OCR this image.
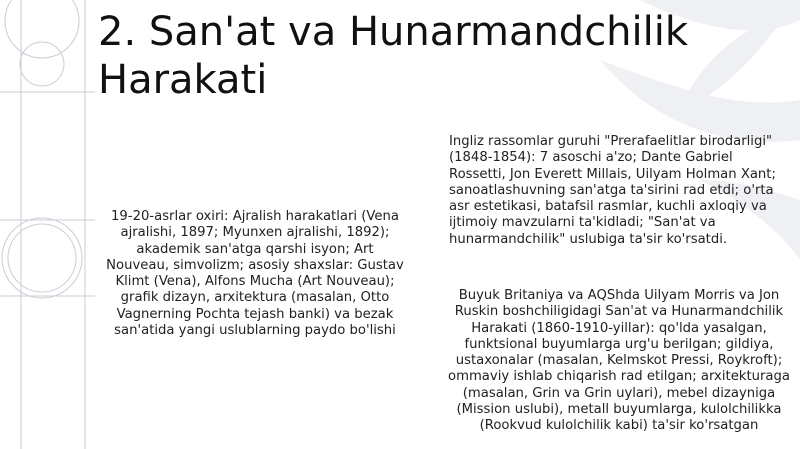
2. San'at va Hunarmandchilik Harakati
19-20-asrlar oxiri: Ajralish harakatlari (Vena ajralishi, 1897; Myunxen ajralishi, 1892); akademik san'atga qarshi isyon; Art Nouveau, simvolizm; asosiy shaxslar: Gustav Klimt (Vena), Alfons Mucha (Art Nouveau); grafik dizayn, arxitektura (masalan, Otto Vagnerning Pochta tejash banki) va bezak san'atida yangi uslublarning paydo bo'lishi
Ingliz rassomlar guruhi "Prerafaelitlar birodarligi" (1848-1854): 7 asoschi a'zo; Dante Gabriel Rossetti, Jon Everett Millais, Uilyam Holman Xant; sanoatlashuvning san'atga ta'sirini rad etdi; o'rta asr estetikasi, batafsil rasmlar, kuchli axloqiy va ijtimoiy mavzularni ta'kidladi; "San'at va hunarmandchilik" uslubiga ta'sir ko'rsatdi.
Buyuk Britaniya va AQShda Uilyam Morris va Jon Ruskin boshchiligidagi San'at va Hunarmandchilik Harakati (1860-1910-yillar): qo'lda yasalgan, funktsional buyumlarga urg'u berilgan; gildiya, ustaxonalar (masalan, Kelmskot Pressi, Roykroft); ommaviy ishlab chiqarish rad etilgan; arxitekturaga (masalan, Grin va Grin uylari), mebel dizayniga (Mission uslubi), metall buyumlarga, kulolchilikka (Rookvud kulolchilik kabi) ta'sir ko'rsatgan
